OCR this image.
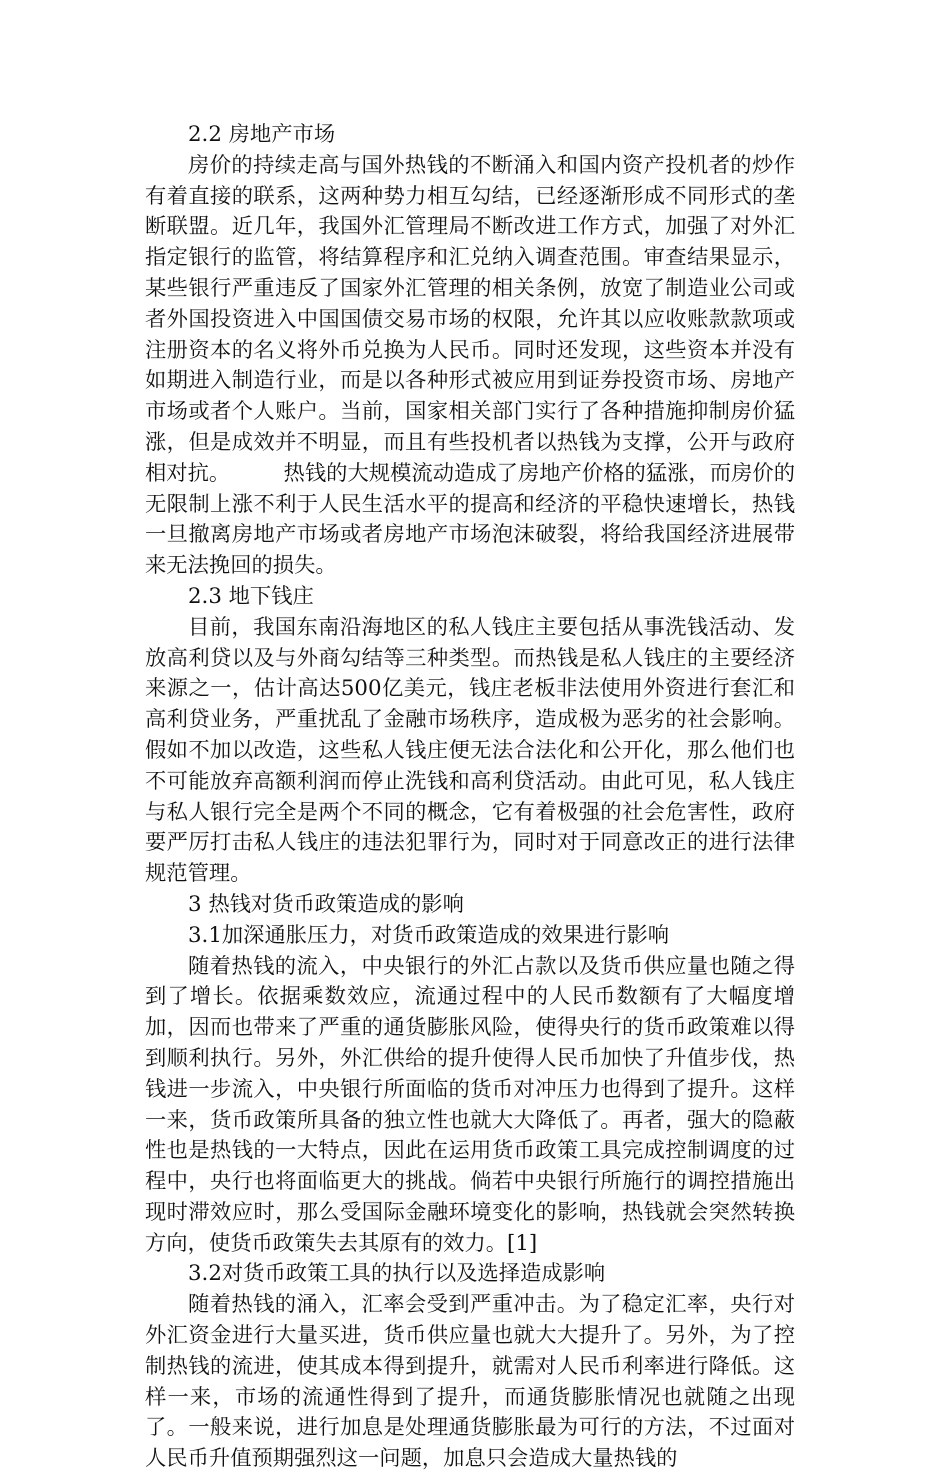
2.2 房地产市场

房价的持续走高与国外热钱的不断涌入和国内资产投机者的炒作有着直接的联系，这两种势力相互勾结，已经逐渐形成不同形式的垄断联盟。近几年，我国外汇管理局不断改进工作方式，加强了对外汇指定银行的监管，将结算程序和汇兑纳入调查范围。审查结果显示，某些银行严重违反了国家外汇管理的相关条例，放宽了制造业公司或者外国投资进入中国国债交易市场的权限，允许其以应收账款款项或注册资本的名义将外币兑换为人民币。同时还发现，这些资本并没有如期进入制造行业，而是以各种形式被应用到证券投资市场、房地产市场或者个人账户。当前，国家相关部门实行了各种措施抑制房价猛涨，但是成效并不明显，而且有些投机者以热钱为支撑，公开与政府相对抗。　　　热钱的大规模流动造成了房地产价格的猛涨，而房价的无限制上涨不利于人民生活水平的提高和经济的平稳快速增长，热钱一旦撤离房地产市场或者房地产市场泡沫破裂，将给我国经济进展带来无法挽回的损失。

2.3 地下钱庄

目前，我国东南沿海地区的私人钱庄主要包括从事洗钱活动、发放高利贷以及与外商勾结等三种类型。而热钱是私人钱庄的主要经济来源之一，估计高达500亿美元，钱庄老板非法使用外资进行套汇和高利贷业务，严重扰乱了金融市场秩序，造成极为恶劣的社会影响。假如不加以改造，这些私人钱庄便无法合法化和公开化，那么他们也不可能放弃高额利润而停止洗钱和高利贷活动。由此可见，私人钱庄与私人银行完全是两个不同的概念，它有着极强的社会危害性，政府要严厉打击私人钱庄的违法犯罪行为，同时对于同意改正的进行法律规范管理。

3 热钱对货币政策造成的影响

3.1加深通胀压力，对货币政策造成的效果进行影响

随着热钱的流入，中央银行的外汇占款以及货币供应量也随之得到了增长。依据乘数效应，流通过程中的人民币数额有了大幅度增加，因而也带来了严重的通货膨胀风险，使得央行的货币政策难以得到顺利执行。另外，外汇供给的提升使得人民币加快了升值步伐，热钱进一步流入，中央银行所面临的货币对冲压力也得到了提升。这样一来，货币政策所具备的独立性也就大大降低了。再者，强大的隐蔽性也是热钱的一大特点，因此在运用货币政策工具完成控制调度的过程中，央行也将面临更大的挑战。倘若中央银行所施行的调控措施出现时滞效应时，那么受国际金融环境变化的影响，热钱就会突然转换方向，使货币政策失去其原有的效力。[1]

3.2对货币政策工具的执行以及选择造成影响

随着热钱的涌入，汇率会受到严重冲击。为了稳定汇率，央行对外汇资金进行大量买进，货币供应量也就大大提升了。另外，为了控制热钱的流进，使其成本得到提升，就需对人民币利率进行降低。这样一来，市场的流通性得到了提升，而通货膨胀情况也就随之出现了。一般来说，进行加息是处理通货膨胀最为可行的方法，不过面对人民币升值预期强烈这一问题，加息只会造成大量热钱的
